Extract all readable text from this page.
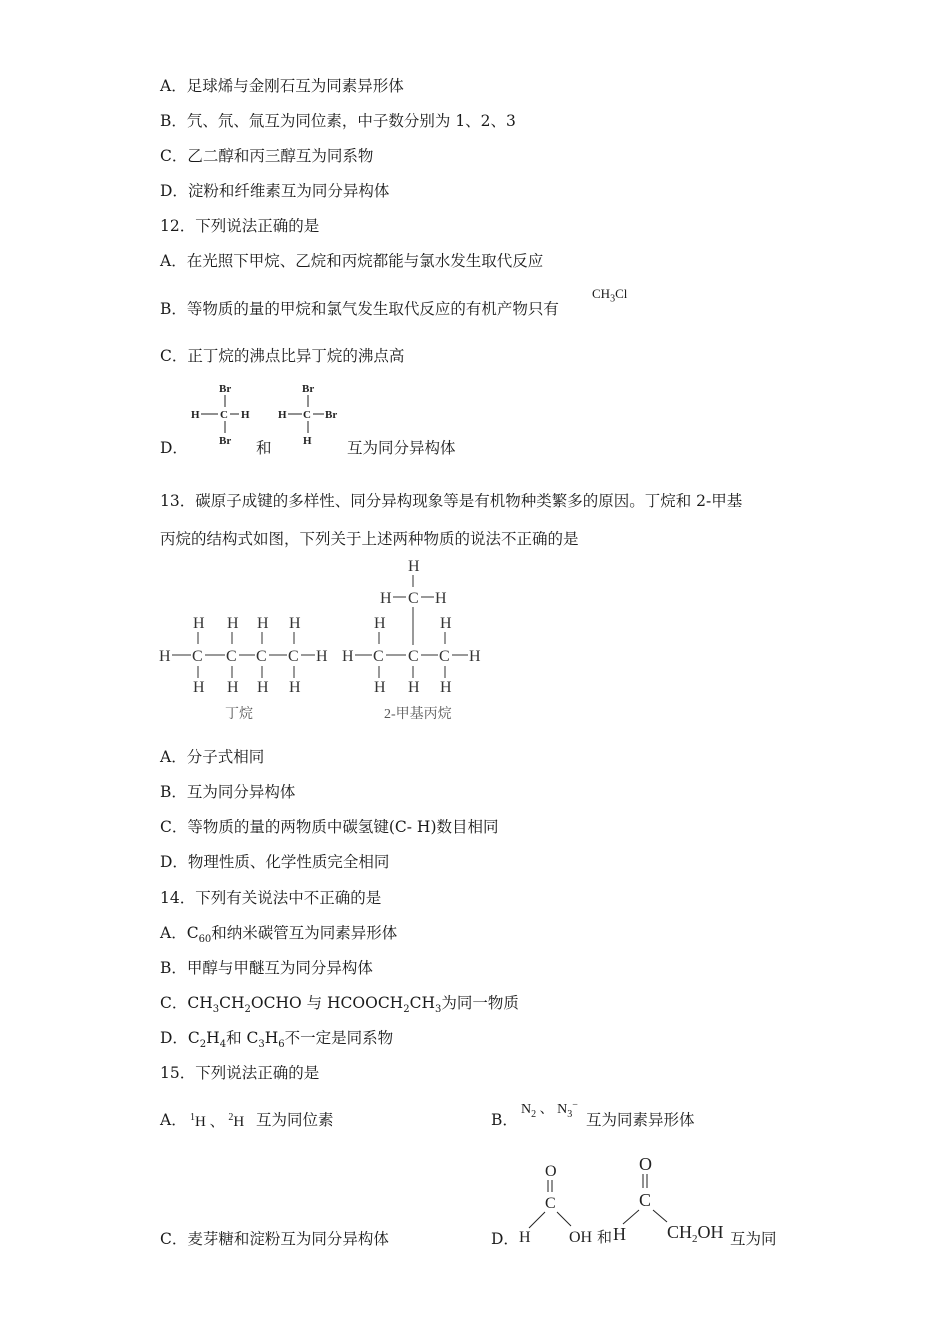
A．足球烯与金刚石互为同素异形体
B．氕、氘、氚互为同位素，中子数分别为 1、2、3
C．乙二醇和丙三醇互为同系物
D．淀粉和纤维素互为同分异构体
12．下列说法正确的是
A．在光照下甲烷、乙烷和丙烷都能与氯水发生取代反应
B．等物质的量的甲烷和氯气发生取代反应的有机产物只有
$CH_3Cl$
C．正丁烷的沸点比异丁烷的沸点高
D．
Br
H C H
Br 和
Br
H C Br
H 互为同分异构体
13．碳原子成键的多样性、同分异构现象等是有机物种类繁多的原因。丁烷和 2-甲基
丙烷的结构式如图，下列关于上述两种物质的说法不正确的是
H H H H
H C C C C H
H H H H
丁烷
H
H C H
H	H
H C C C H
H H H
2-甲基丙烷
A．分子式相同
B．互为同分异构体
C．等物质的量的两物质中碳氢键(C- H)数目相同
D．物理性质、化学性质完全相同
14．下列有关说法中不正确的是
A．$C_{60}$和纳米碳管互为同素异形体
B．甲醇与甲醚互为同分异构体
C．$CH_3CH_2OCHO$ 与 $HCOOCH_2CH_3$为同一物质
D．$C_2H_4$和 $C_3H_6$不一定是同系物
15．下列说法正确的是
A． $^1$H 、 $^2$H 互为同位素	B．
$N_2$ 、 $N_3^-$
互为同素异形体
C．麦芽糖和淀粉互为同分异构体	D．
O
C
H OH 和
O
C
H $CH_2OH$ 互为同
